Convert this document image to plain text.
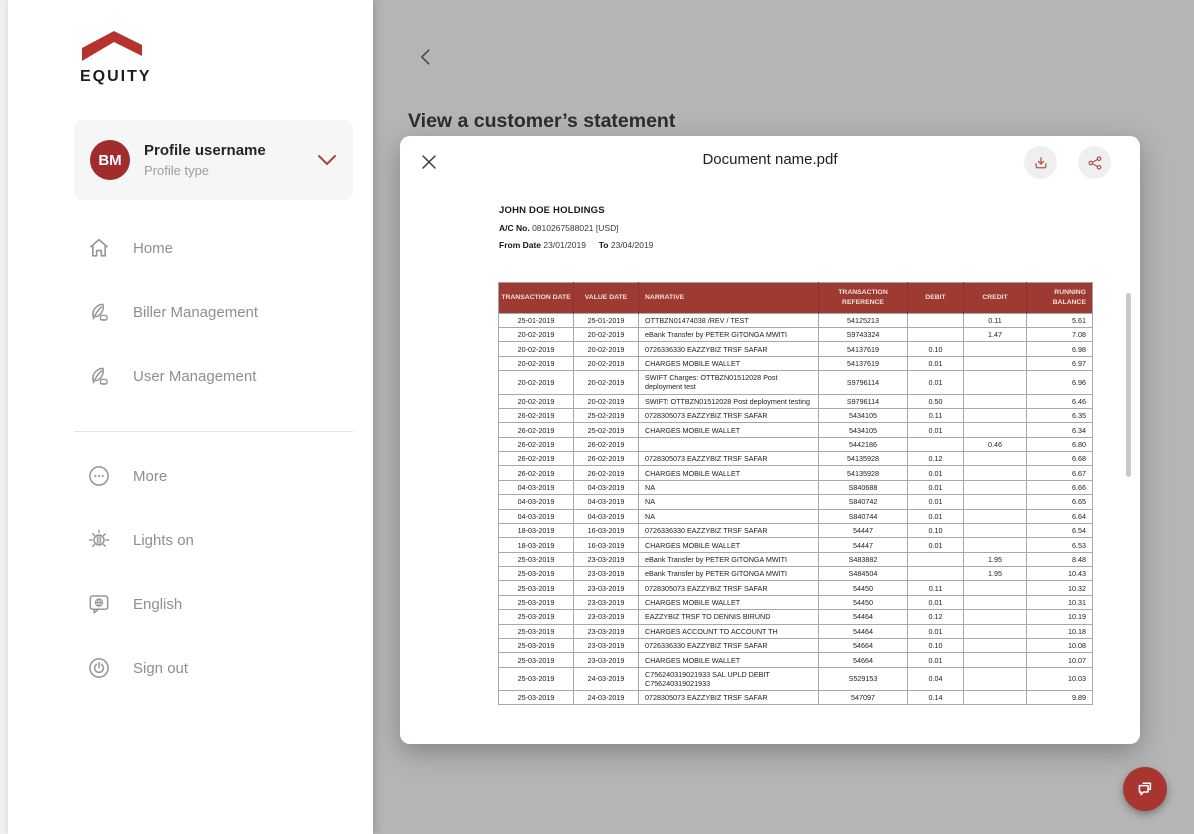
EQUITY
BM
Profile username
Profile type
Home
Biller Management
User Management
More
Lights on
English
Sign out
View a customer’s statement
Document name.pdf
JOHN DOE HOLDINGS
A/C No. 0810267588021 [USD]
From Date 23/01/2019 To 23/04/2019
TRANSACTION DATE	VALUE DATE	NARRATIVE	TRANSACTION REFERENCE	DEBIT	CREDIT	RUNNING BALANCE
25-01-2019	25-01-2019	OTTBZN01474038 /REV / TEST	54125213		0.11	5.61
20-02-2019	20-02-2019	eBank Transfer by PETER GITONGA MWITI	S9743324		1.47	7.08
20-02-2019	20-02-2019	0726336330 EAZZYBIZ TRSF SAFAR	54137619	0.10		6.98
20-02-2019	20-02-2019	CHARGES MOBILE WALLET	54137619	0.01		6.97
20-02-2019	20-02-2019	SWIFT Charges: OTTBZN01512028 Post deployment test	S9796114	0.01		6.96
20-02-2019	20-02-2019	SWIFT: OTTBZN01512028 Post deployment testing	S9796114	0.50		6.46
26-02-2019	25-02-2019	0728305073 EAZZYBIZ TRSF SAFAR	5434105	0.11		6.35
26-02-2019	25-02-2019	CHARGES MOBILE WALLET	5434105	0.01		6.34
26-02-2019	26-02-2019		5442186		0.46	6.80
26-02-2019	26-02-2019	0728305073 EAZZYBIZ TRSF SAFAR	54135928	0.12		6.68
26-02-2019	26-02-2019	CHARGES MOBILE WALLET	54135928	0.01		6.67
04-03-2019	04-03-2019	NA	S840688	0.01		6.66
04-03-2019	04-03-2019	NA	S840742	0.01		6.65
04-03-2019	04-03-2019	NA	S840744	0.01		6.64
18-03-2019	16-03-2019	0726336330 EAZZYBIZ TRSF SAFAR	54447	0.10		6.54
18-03-2019	16-03-2019	CHARGES MOBILE WALLET	54447	0.01		6.53
25-03-2019	23-03-2019	eBank Transfer by PETER GITONGA MWITI	S483882		1.95	8.48
25-03-2019	23-03-2019	eBank Transfer by PETER GITONGA MWITI	S484504		1.95	10.43
25-03-2019	23-03-2019	0728305073 EAZZYBIZ TRSF SAFAR	54450	0.11		10.32
25-03-2019	23-03-2019	CHARGES MOBILE WALLET	54450	0.01		10.31
25-03-2019	23-03-2019	EAZZYBIZ TRSF TO DENNIS BIRUND	54464	0.12		10.19
25-03-2019	23-03-2019	CHARGES ACCOUNT TO ACCOUNT TH	54464	0.01		10.18
25-03-2019	23-03-2019	0726336330 EAZZYBIZ TRSF SAFAR	54664	0.10		10.08
25-03-2019	23-03-2019	CHARGES MOBILE WALLET	54664	0.01		10.07
25-03-2019	24-03-2019	C756240319021933 SAL UPLD DEBIT C756240319021933	S529153	0.04		10.03
25-03-2019	24-03-2019	0728305073 EAZZYBIZ TRSF SAFAR	547097	0.14		9.89
